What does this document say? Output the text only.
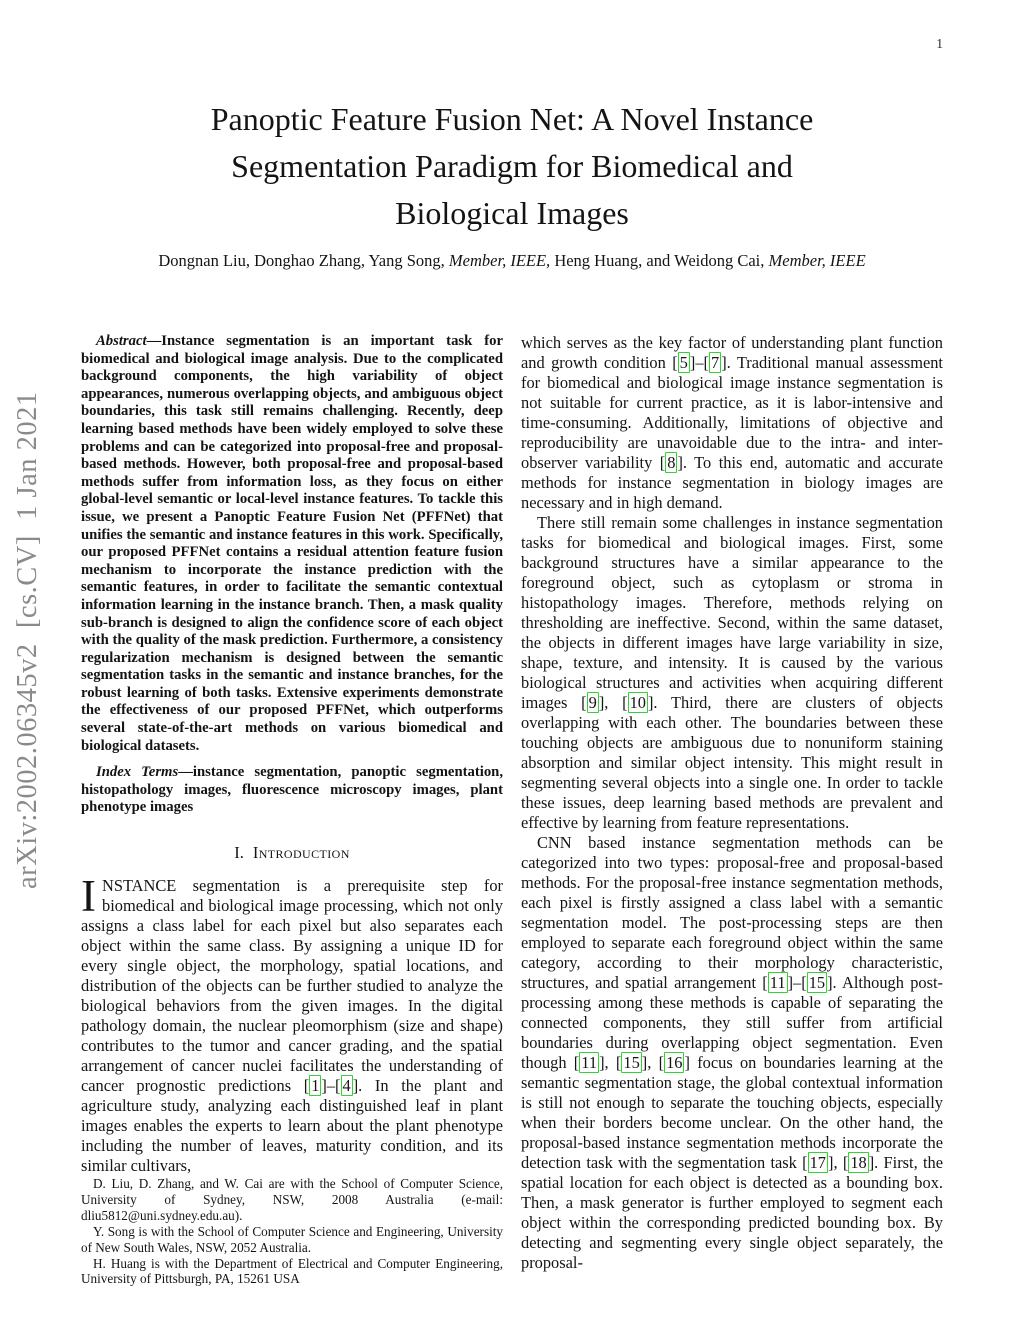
1
arXiv:2002.06345v2  [cs.CV]  1 Jan 2021
Panoptic Feature Fusion Net: A Novel Instance
Segmentation Paradigm for Biomedical and
Biological Images
Dongnan Liu, Donghao Zhang, Yang Song, Member, IEEE, Heng Huang, and Weidong Cai, Member, IEEE

Abstract—Instance segmentation is an important task for biomedical and biological image analysis. Due to the complicated background components, the high variability of object appearances, numerous overlapping objects, and ambiguous object boundaries, this task still remains challenging. Recently, deep learning based methods have been widely employed to solve these problems and can be categorized into proposal-free and proposal-based methods. However, both proposal-free and proposal-based methods suffer from information loss, as they focus on either global-level semantic or local-level instance features. To tackle this issue, we present a Panoptic Feature Fusion Net (PFFNet) that unifies the semantic and instance features in this work. Specifically, our proposed PFFNet contains a residual attention feature fusion mechanism to incorporate the instance prediction with the semantic features, in order to facilitate the semantic contextual information learning in the instance branch. Then, a mask quality sub-branch is designed to align the confidence score of each object with the quality of the mask prediction. Furthermore, a consistency regularization mechanism is designed between the semantic segmentation tasks in the semantic and instance branches, for the robust learning of both tasks. Extensive experiments demonstrate the effectiveness of our proposed PFFNet, which outperforms several state-of-the-art methods on various biomedical and biological datasets.

Index Terms—instance segmentation, panoptic segmentation, histopathology images, fluorescence microscopy images, plant phenotype images

I. Introduction

INSTANCE segmentation is a prerequisite step for biomedical and biological image processing, which not only assigns a class label for each pixel but also separates each object within the same class. By assigning a unique ID for every single object, the morphology, spatial locations, and distribution of the objects can be further studied to analyze the biological behaviors from the given images. In the digital pathology domain, the nuclear pleomorphism (size and shape) contributes to the tumor and cancer grading, and the spatial arrangement of cancer nuclei facilitates the understanding of cancer prognostic predictions [ 1 ]–[ 4 ]. In the plant and agriculture study, analyzing each distinguished leaf in plant images enables the experts to learn about the plant phenotype including the number of leaves, maturity condition, and its similar cultivars,

D. Liu, D. Zhang, and W. Cai are with the School of Computer Science, University of Sydney, NSW, 2008 Australia (e-mail: dliu5812@uni.sydney.edu.au).

Y. Song is with the School of Computer Science and Engineering, University of New South Wales, NSW, 2052 Australia.

H. Huang is with the Department of Electrical and Computer Engineering, University of Pittsburgh, PA, 15261 USA

which serves as the key factor of understanding plant function and growth condition [ 5 ]–[ 7 ]. Traditional manual assessment for biomedical and biological image instance segmentation is not suitable for current practice, as it is labor-intensive and time-consuming. Additionally, limitations of objective and reproducibility are unavoidable due to the intra- and inter-observer variability [ 8 ]. To this end, automatic and accurate methods for instance segmentation in biology images are necessary and in high demand.

There still remain some challenges in instance segmentation tasks for biomedical and biological images. First, some background structures have a similar appearance to the foreground object, such as cytoplasm or stroma in histopathology images. Therefore, methods relying on thresholding are ineffective. Second, within the same dataset, the objects in different images have large variability in size, shape, texture, and intensity. It is caused by the various biological structures and activities when acquiring different images [ 9 ], [ 10 ]. Third, there are clusters of objects overlapping with each other. The boundaries between these touching objects are ambiguous due to nonuniform staining absorption and similar object intensity. This might result in segmenting several objects into a single one. In order to tackle these issues, deep learning based methods are prevalent and effective by learning from feature representations.

CNN based instance segmentation methods can be categorized into two types: proposal-free and proposal-based methods. For the proposal-free instance segmentation methods, each pixel is firstly assigned a class label with a semantic segmentation model. The post-processing steps are then employed to separate each foreground object within the same category, according to their morphology characteristic, structures, and spatial arrangement [ 11 ]–[ 15 ]. Although post-processing among these methods is capable of separating the connected components, they still suffer from artificial boundaries during overlapping object segmentation. Even though [ 11 ], [ 15 ], [ 16 ] focus on boundaries learning at the semantic segmentation stage, the global contextual information is still not enough to separate the touching objects, especially when their borders become unclear. On the other hand, the proposal-based instance segmentation methods incorporate the detection task with the segmentation task [ 17 ], [ 18 ]. First, the spatial location for each object is detected as a bounding box. Then, a mask generator is further employed to segment each object within the corresponding predicted bounding box. By detecting and segmenting every single object separately, the proposal-
